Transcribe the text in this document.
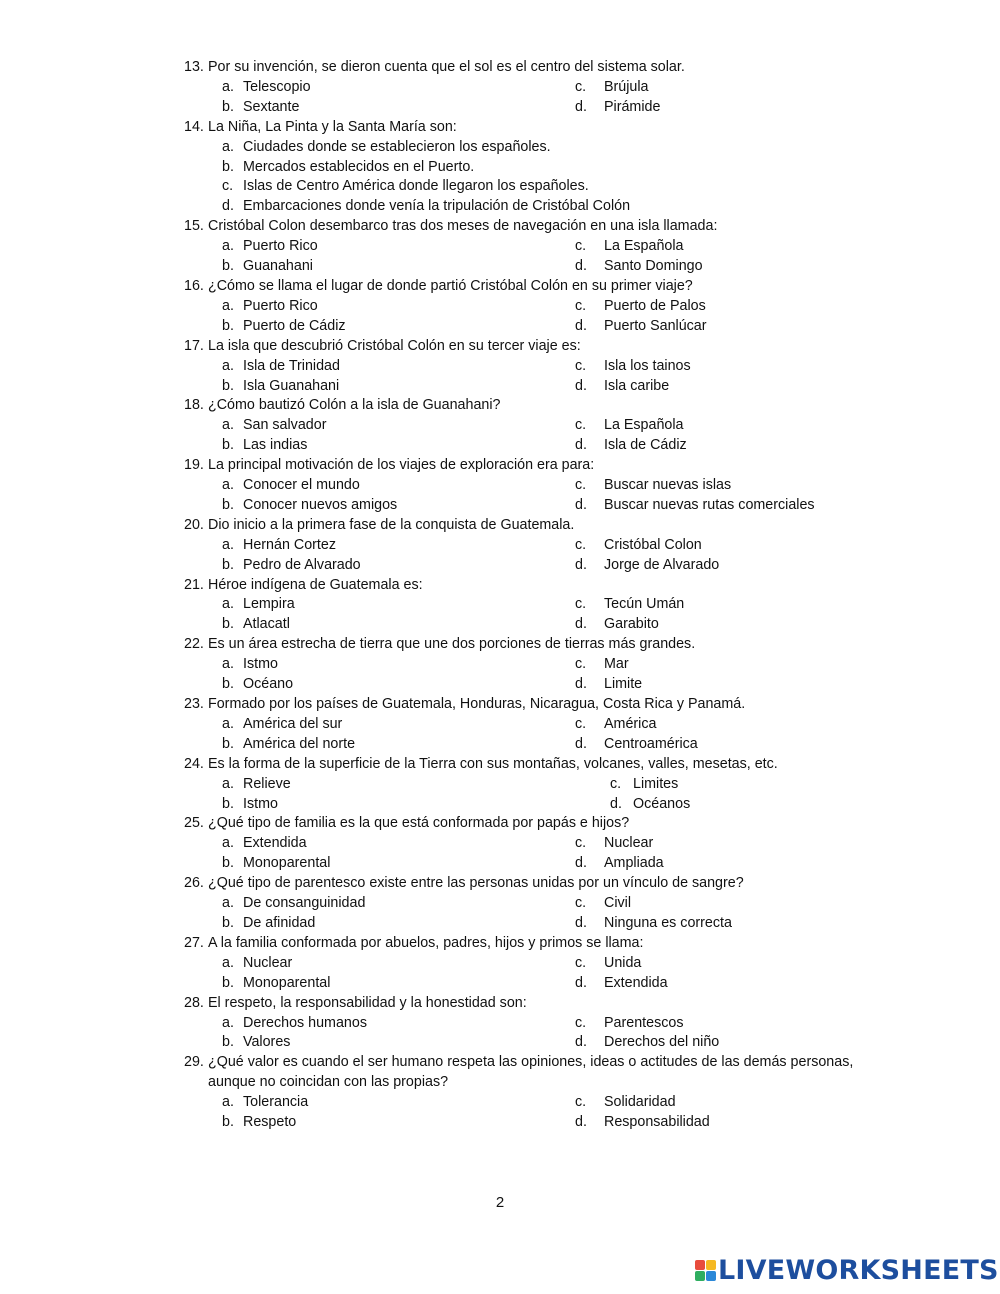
13. Por su invención, se dieron cuenta que el sol es el centro del sistema solar.
a. Telescopio	c. Brújula
b. Sextante	d. Pirámide
14. La Niña, La Pinta y la Santa María son:
a. Ciudades donde se establecieron los españoles.
b. Mercados establecidos en el Puerto.
c. Islas de Centro América donde llegaron los españoles.
d. Embarcaciones donde venía la tripulación de Cristóbal Colón
15. Cristóbal Colon desembarco tras dos meses de navegación en una isla llamada:
a. Puerto Rico	c. La Española
b. Guanahani	d. Santo Domingo
16. ¿Cómo se llama el lugar de donde partió Cristóbal Colón en su primer viaje?
a. Puerto Rico	c. Puerto de Palos
b. Puerto de Cádiz	d. Puerto Sanlúcar
17. La isla que descubrió Cristóbal Colón en su tercer viaje es:
a. Isla de Trinidad	c. Isla los tainos
b. Isla Guanahani	d. Isla caribe
18. ¿Cómo bautizó Colón a la isla de Guanahani?
a. San salvador	c. La Española
b. Las indias	d. Isla de Cádiz
19. La principal motivación de los viajes de exploración era para:
a. Conocer el mundo	c. Buscar nuevas islas
b. Conocer nuevos amigos	d. Buscar nuevas rutas comerciales
20. Dio inicio a la primera fase de la conquista de Guatemala.
a. Hernán Cortez	c. Cristóbal Colon
b. Pedro de Alvarado	d. Jorge de Alvarado
21. Héroe indígena de Guatemala es:
a. Lempira	c. Tecún Umán
b. Atlacatl	d. Garabito
22. Es un área estrecha de tierra que une dos porciones de tierras más grandes.
a. Istmo	c. Mar
b. Océano	d. Limite
23. Formado por los países de Guatemala, Honduras, Nicaragua, Costa Rica y Panamá.
a. América del sur	c. América
b. América del norte	d. Centroamérica
24. Es la forma de la superficie de la Tierra con sus montañas, volcanes, valles, mesetas, etc.
a. Relieve	c. Limites
b. Istmo	d. Océanos
25. ¿Qué tipo de familia es la que está conformada por papás e hijos?
a. Extendida	c. Nuclear
b. Monoparental	d. Ampliada
26. ¿Qué tipo de parentesco existe entre las personas unidas por un vínculo de sangre?
a. De consanguinidad	c. Civil
b. De afinidad	d. Ninguna es correcta
27. A la familia conformada por abuelos, padres, hijos y primos se llama:
a. Nuclear	c. Unida
b. Monoparental	d. Extendida
28. El respeto, la responsabilidad y la honestidad son:
a. Derechos humanos	c. Parentescos
b. Valores	d. Derechos del niño
29. ¿Qué valor es cuando el ser humano respeta las opiniones, ideas o actitudes de las demás personas, aunque no coincidan con las propias?
a. Tolerancia	c. Solidaridad
b. Respeto	d. Responsabilidad
2
LIVEWORKSHEETS
